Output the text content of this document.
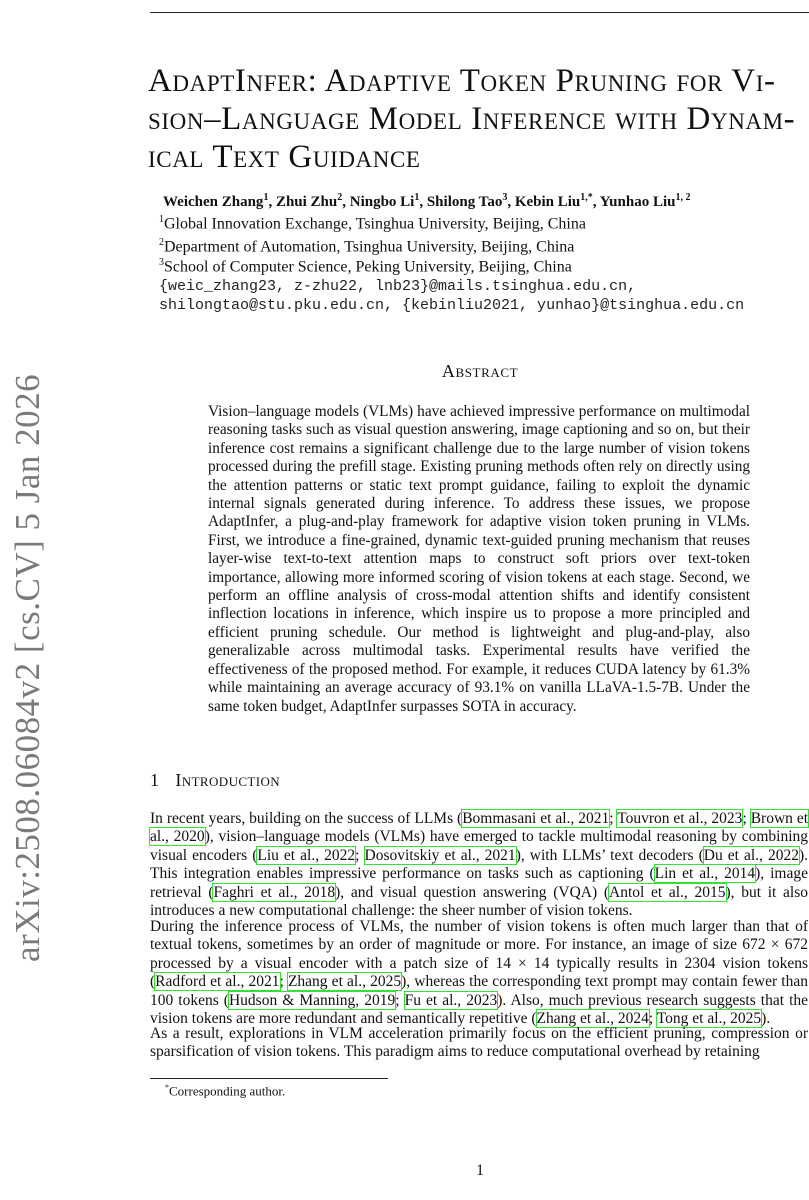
arXiv:2508.06084v2 [cs.CV] 5 Jan 2026
AdaptInfer: Adaptive Token Pruning for Vi-
sion–Language Model Inference with Dynam-
ical Text Guidance
Weichen Zhang$^1$, Zhui Zhu$^2$, Ningbo Li$^1$, Shilong Tao$^3$, Kebin Liu$^{1,*}$, Yunhao Liu$^{1, 2}$
$^1$Global Innovation Exchange, Tsinghua University, Beijing, China
$^2$Department of Automation, Tsinghua University, Beijing, China
$^3$School of Computer Science, Peking University, Beijing, China
{weic_zhang23, z-zhu22, lnb23}@mails.tsinghua.edu.cn,
shilongtao@stu.pku.edu.cn, {kebinliu2021, yunhao}@tsinghua.edu.cn
Abstract
Vision–language models (VLMs) have achieved impressive performance on multimodal reasoning tasks such as visual question answering, image captioning and so on, but their inference cost remains a significant challenge due to the large number of vision tokens processed during the prefill stage. Existing pruning methods often rely on directly using the attention patterns or static text prompt guidance, failing to exploit the dynamic internal signals generated during inference. To address these issues, we propose AdaptInfer, a plug-and-play framework for adaptive vision token pruning in VLMs. First, we introduce a fine-grained, dynamic text-guided pruning mechanism that reuses layer-wise text-to-text attention maps to construct soft priors over text-token importance, allowing more informed scoring of vision tokens at each stage. Second, we perform an offline analysis of cross-modal attention shifts and identify consistent inflection locations in inference, which inspire us to propose a more principled and efficient pruning schedule. Our method is lightweight and plug-and-play, also generalizable across multimodal tasks. Experimental results have verified the effectiveness of the proposed method. For example, it reduces CUDA latency by 61.3% while maintaining an average accuracy of 93.1% on vanilla LLaVA-1.5-7B. Under the same token budget, AdaptInfer surpasses SOTA in accuracy.
1 Introduction

In recent years, building on the success of LLMs (Bommasani et al., 2021; Touvron et al., 2023; Brown et al., 2020), vision–language models (VLMs) have emerged to tackle multimodal reasoning by combining visual encoders (Liu et al., 2022; Dosovitskiy et al., 2021), with LLMs’ text decoders (Du et al., 2022). This integration enables impressive performance on tasks such as captioning (Lin et al., 2014), image retrieval (Faghri et al., 2018), and visual question answering (VQA) (Antol et al., 2015), but it also introduces a new computational challenge: the sheer number of vision tokens.

During the inference process of VLMs, the number of vision tokens is often much larger than that of textual tokens, sometimes by an order of magnitude or more. For instance, an image of size 672 × 672 processed by a visual encoder with a patch size of 14 × 14 typically results in 2304 vision tokens (Radford et al., 2021; Zhang et al., 2025), whereas the corresponding text prompt may contain fewer than 100 tokens (Hudson & Manning, 2019; Fu et al., 2023). Also, much previous research suggests that the vision tokens are more redundant and semantically repetitive (Zhang et al., 2024; Tong et al., 2025).

As a result, explorations in VLM acceleration primarily focus on the efficient pruning, compression or sparsification of vision tokens. This paradigm aims to reduce computational overhead by retaining

*Corresponding author.
1
